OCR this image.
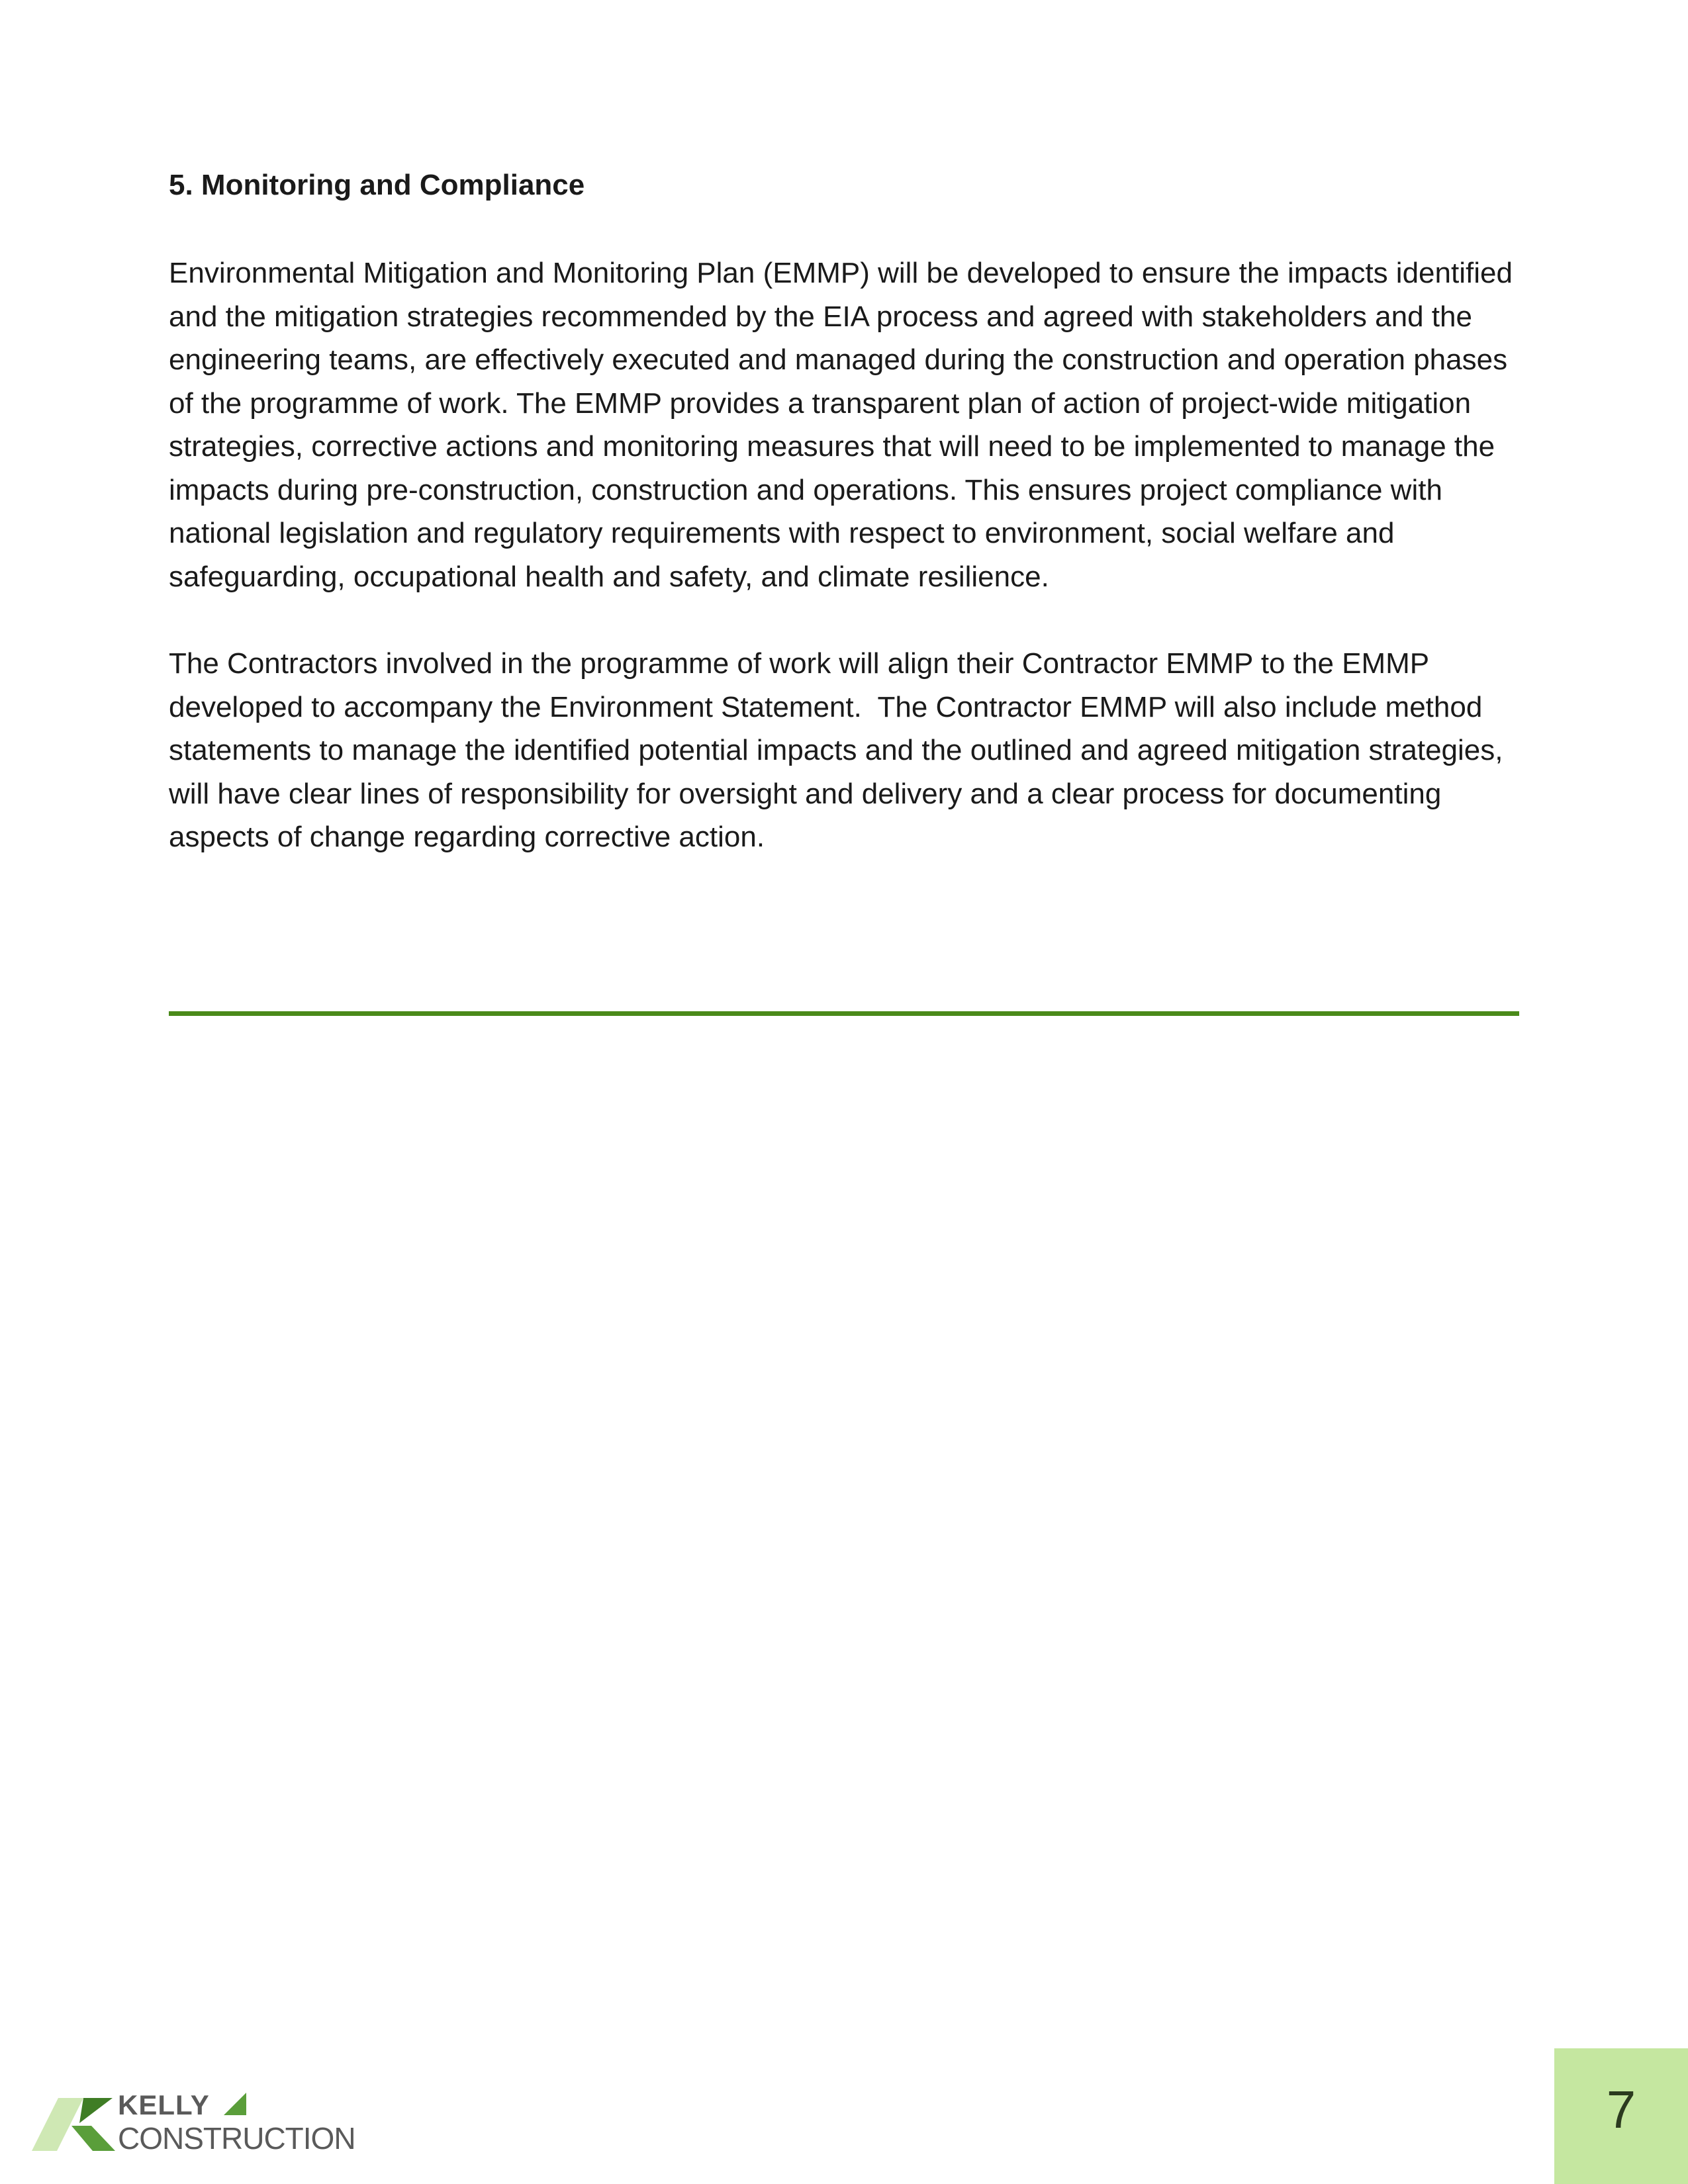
5. Monitoring and Compliance

Environmental Mitigation and Monitoring Plan (EMMP) will be developed to ensure the impacts identified and the mitigation strategies recommended by the EIA process and agreed with stakeholders and the engineering teams, are effectively executed and managed during the construction and operation phases of the programme of work. The EMMP provides a transparent plan of action of project-wide mitigation strategies, corrective actions and monitoring measures that will need to be implemented to manage the impacts during pre-construction, construction and operations. This ensures project compliance with national legislation and regulatory requirements with respect to environment, social welfare and safeguarding, occupational health and safety, and climate resilience.

The Contractors involved in the programme of work will align their Contractor EMMP to the EMMP developed to accompany the Environment Statement.  The Contractor EMMP will also include method statements to manage the identified potential impacts and the outlined and agreed mitigation strategies, will have clear lines of responsibility for oversight and delivery and a clear process for documenting aspects of change regarding corrective action.

KELLY
CONSTRUCTION	7
